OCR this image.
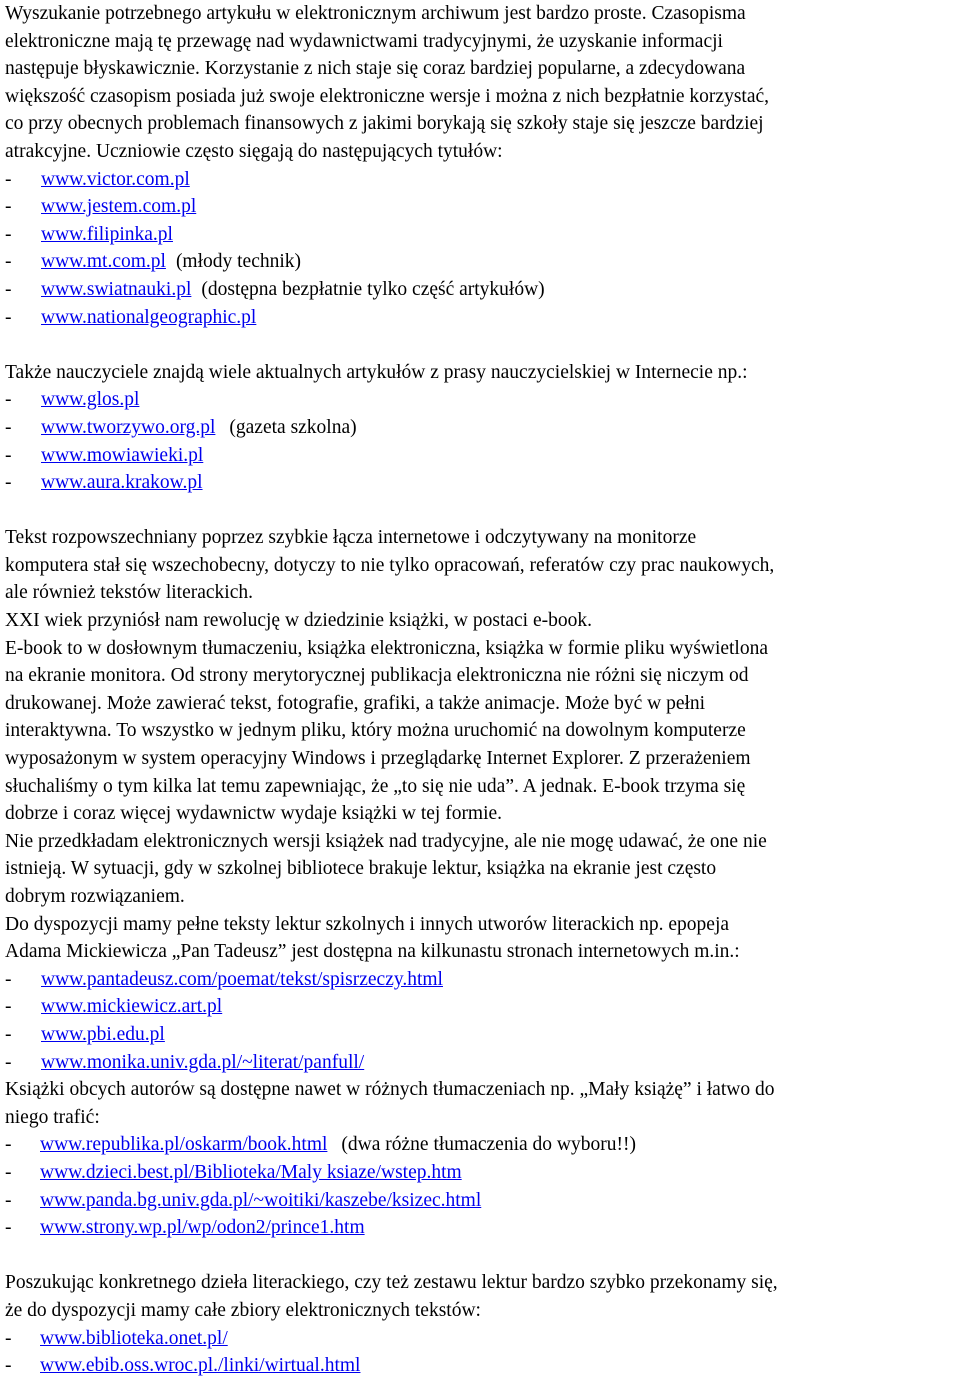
Wyszukanie potrzebnego artykułu w elektronicznym archiwum jest bardzo proste. Czasopisma
elektroniczne mają tę przewagę nad wydawnictwami tradycyjnymi, że uzyskanie informacji
następuje błyskawicznie. Korzystanie z nich staje się coraz bardziej popularne, a zdecydowana
większość czasopism posiada już swoje elektroniczne wersje i można z nich bezpłatnie korzystać,
co przy obecnych problemach finansowych z jakimi borykają się szkoły staje się jeszcze bardziej
atrakcyjne. Uczniowie często sięgają do następujących tytułów:

- www.victor.com.pl
- www.jestem.com.pl
- www.filipinka.pl
- www.mt.com.pl (młody technik)
- www.swiatnauki.pl (dostępna bezpłatnie tylko część artykułów)
- www.nationalgeographic.pl

Także nauczyciele znajdą wiele aktualnych artykułów z prasy nauczycielskiej w Internecie np.:

- www.glos.pl
- www.tworzywo.org.pl (gazeta szkolna)
- www.mowiawieki.pl
- www.aura.krakow.pl

Tekst rozpowszechniany poprzez szybkie łącza internetowe i odczytywany na monitorze
komputera stał się wszechobecny, dotyczy to nie tylko opracowań, referatów czy prac naukowych,
ale również tekstów literackich.
XXI wiek przyniósł nam rewolucję w dziedzinie książki, w postaci e-book.
E-book to w dosłownym tłumaczeniu, książka elektroniczna, książka w formie pliku wyświetlona
na ekranie monitora. Od strony merytorycznej publikacja elektroniczna nie różni się niczym od
drukowanej. Może zawierać tekst, fotografie, grafiki, a także animacje. Może być w pełni
interaktywna. To wszystko w jednym pliku, który można uruchomić na dowolnym komputerze
wyposażonym w system operacyjny Windows i przeglądarkę Internet Explorer. Z przerażeniem
słuchaliśmy o tym kilka lat temu zapewniając, że „to się nie uda”. A jednak. E-book trzyma się
dobrze i coraz więcej wydawnictw wydaje książki w tej formie.
Nie przedkładam elektronicznych wersji książek nad tradycyjne, ale nie mogę udawać, że one nie
istnieją. W sytuacji, gdy w szkolnej bibliotece brakuje lektur, książka na ekranie jest często
dobrym rozwiązaniem.
Do dyspozycji mamy pełne teksty lektur szkolnych i innych utworów literackich np. epopeja
Adama Mickiewicza „Pan Tadeusz” jest dostępna na kilkunastu stronach internetowych m.in.:

- www.pantadeusz.com/poemat/tekst/spisrzeczy.html
- www.mickiewicz.art.pl
- www.pbi.edu.pl
- www.monika.univ.gda.pl/~literat/panfull/

Książki obcych autorów są dostępne nawet w różnych tłumaczeniach np. „Mały książę” i łatwo do
niego trafić:

- www.republika.pl/oskarm/book.html (dwa różne tłumaczenia do wyboru!!)
- www.dzieci.best.pl/Biblioteka/Maly ksiaze/wstep.htm
- www.panda.bg.univ.gda.pl/~woitiki/kaszebe/ksizec.html
- www.strony.wp.pl/wp/odon2/prince1.htm

Poszukując konkretnego dzieła literackiego, czy też zestawu lektur bardzo szybko przekonamy się,
że do dyspozycji mamy całe zbiory elektronicznych tekstów:

- www.biblioteka.onet.pl/
- www.ebib.oss.wroc.pl./linki/wirtual.html
